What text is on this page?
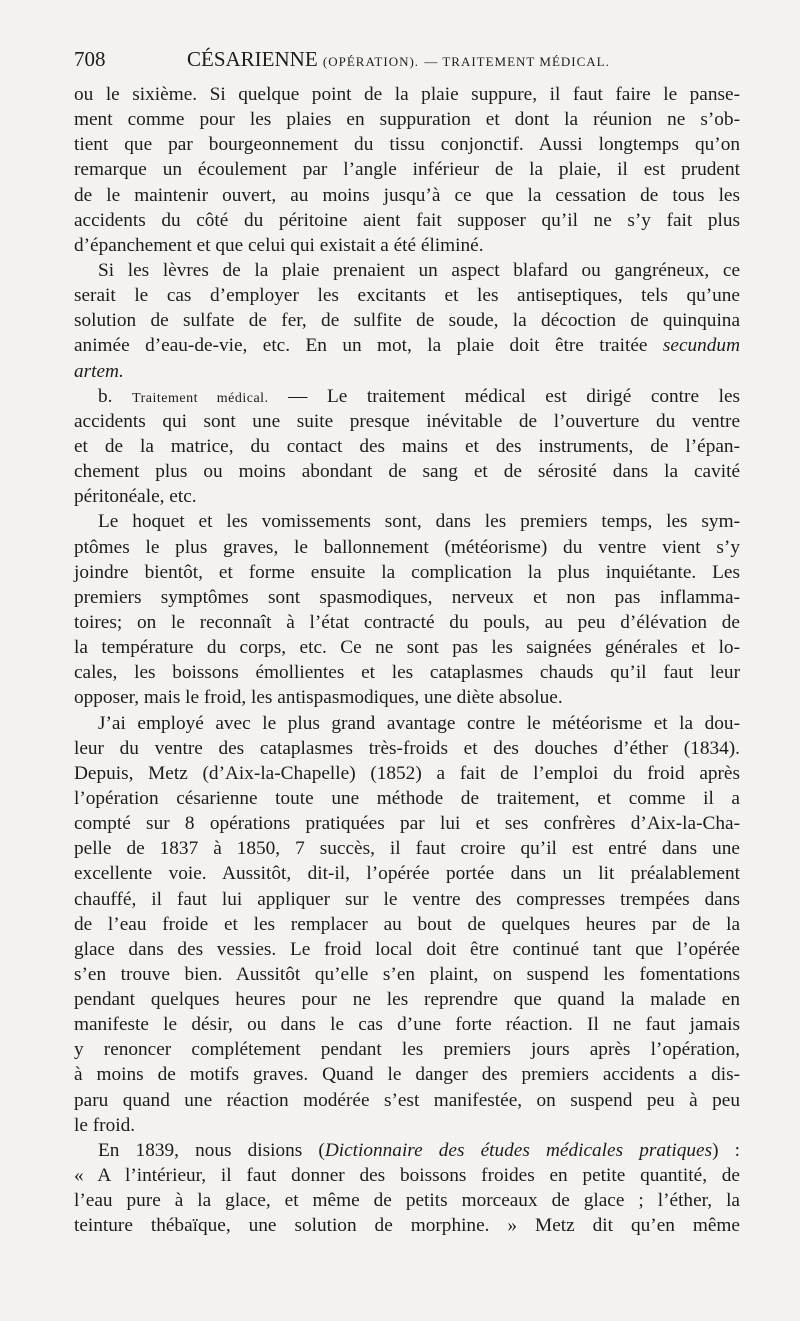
708	CÉSARIENNE (OPÉRATION). — TRAITEMENT MÉDICAL.
ou le sixième. Si quelque point de la plaie suppure, il faut faire le panse-
ment comme pour les plaies en suppuration et dont la réunion ne s’ob-
tient que par bourgeonnement du tissu conjonctif. Aussi longtemps qu’on
remarque un écoulement par l’angle inférieur de la plaie, il est prudent
de le maintenir ouvert, au moins jusqu’à ce que la cessation de tous les
accidents du côté du péritoine aient fait supposer qu’il ne s’y fait plus
d’épanchement et que celui qui existait a été éliminé.
Si les lèvres de la plaie prenaient un aspect blafard ou gangréneux, ce
serait le cas d’employer les excitants et les antiseptiques, tels qu’une
solution de sulfate de fer, de sulfite de soude, la décoction de quinquina
animée d’eau-de-vie, etc. En un mot, la plaie doit être traitée secundum
artem.
b. Traitement médical. — Le traitement médical est dirigé contre les
accidents qui sont une suite presque inévitable de l’ouverture du ventre
et de la matrice, du contact des mains et des instruments, de l’épan-
chement plus ou moins abondant de sang et de sérosité dans la cavité
péritonéale, etc.
Le hoquet et les vomissements sont, dans les premiers temps, les sym-
ptômes le plus graves, le ballonnement (météorisme) du ventre vient s’y
joindre bientôt, et forme ensuite la complication la plus inquiétante. Les
premiers symptômes sont spasmodiques, nerveux et non pas inflamma-
toires; on le reconnaît à l’état contracté du pouls, au peu d’élévation de
la température du corps, etc. Ce ne sont pas les saignées générales et lo-
cales, les boissons émollientes et les cataplasmes chauds qu’il faut leur
opposer, mais le froid, les antispasmodiques, une diète absolue.
J’ai employé avec le plus grand avantage contre le météorisme et la dou-
leur du ventre des cataplasmes très-froids et des douches d’éther (1834).
Depuis, Metz (d’Aix-la-Chapelle) (1852) a fait de l’emploi du froid après
l’opération césarienne toute une méthode de traitement, et comme il a
compté sur 8 opérations pratiquées par lui et ses confrères d’Aix-la-Cha-
pelle de 1837 à 1850, 7 succès, il faut croire qu’il est entré dans une
excellente voie. Aussitôt, dit-il, l’opérée portée dans un lit préalablement
chauffé, il faut lui appliquer sur le ventre des compresses trempées dans
de l’eau froide et les remplacer au bout de quelques heures par de la
glace dans des vessies. Le froid local doit être continué tant que l’opérée
s’en trouve bien. Aussitôt qu’elle s’en plaint, on suspend les fomentations
pendant quelques heures pour ne les reprendre que quand la malade en
manifeste le désir, ou dans le cas d’une forte réaction. Il ne faut jamais
y renoncer complétement pendant les premiers jours après l’opération,
à moins de motifs graves. Quand le danger des premiers accidents a dis-
paru quand une réaction modérée s’est manifestée, on suspend peu à peu
le froid.
En 1839, nous disions (Dictionnaire des études médicales pratiques) :
« A l’intérieur, il faut donner des boissons froides en petite quantité, de
l’eau pure à la glace, et même de petits morceaux de glace ; l’éther, la
teinture thébaïque, une solution de morphine. » Metz dit qu’en même
